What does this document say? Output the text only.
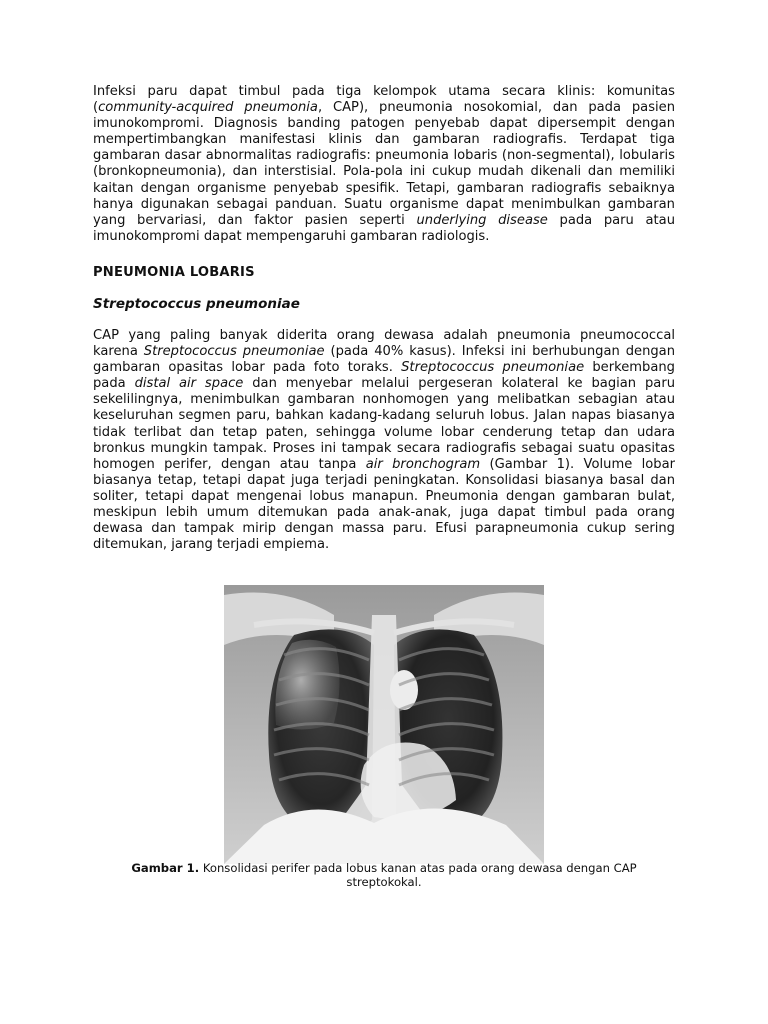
Infeksi paru dapat timbul pada tiga kelompok utama secara klinis: komunitas (community-acquired pneumonia, CAP), pneumonia nosokomial, dan pada pasien imunokompromi. Diagnosis banding patogen penyebab dapat dipersempit dengan mempertimbangkan manifestasi klinis dan gambaran radiografis. Terdapat tiga gambaran dasar abnormalitas radiografis: pneumonia lobaris (non-segmental), lobularis (bronkopneumonia), dan interstisial. Pola-pola ini cukup mudah dikenali dan memiliki kaitan dengan organisme penyebab spesifik. Tetapi, gambaran radiografis sebaiknya hanya digunakan sebagai panduan. Suatu organisme dapat menimbulkan gambaran yang bervariasi, dan faktor pasien seperti underlying disease pada paru atau imunokompromi dapat mempengaruhi gambaran radiologis.

PNEUMONIA LOBARIS
Streptococcus pneumoniae

CAP yang paling banyak diderita orang dewasa adalah pneumonia pneumococcal karena Streptococcus pneumoniae (pada 40% kasus). Infeksi ini berhubungan dengan gambaran opasitas lobar pada foto toraks. Streptococcus pneumoniae berkembang pada distal air space dan menyebar melalui pergeseran kolateral ke bagian paru sekelilingnya, menimbulkan gambaran nonhomogen yang melibatkan sebagian atau keseluruhan segmen paru, bahkan kadang-kadang seluruh lobus. Jalan napas biasanya tidak terlibat dan tetap paten, sehingga volume lobar cenderung tetap dan udara bronkus mungkin tampak. Proses ini tampak secara radiografis sebagai suatu opasitas homogen perifer, dengan atau tanpa air bronchogram (Gambar 1). Volume lobar biasanya tetap, tetapi dapat juga terjadi peningkatan. Konsolidasi biasanya basal dan soliter, tetapi dapat mengenai lobus manapun. Pneumonia dengan gambaran bulat, meskipun lebih umum ditemukan pada anak-anak, juga dapat timbul pada orang dewasa dan tampak mirip dengan massa paru. Efusi parapneumonia cukup sering ditemukan, jarang terjadi empiema.

Gambar 1. Konsolidasi perifer pada lobus kanan atas pada orang dewasa dengan CAP streptokokal.
